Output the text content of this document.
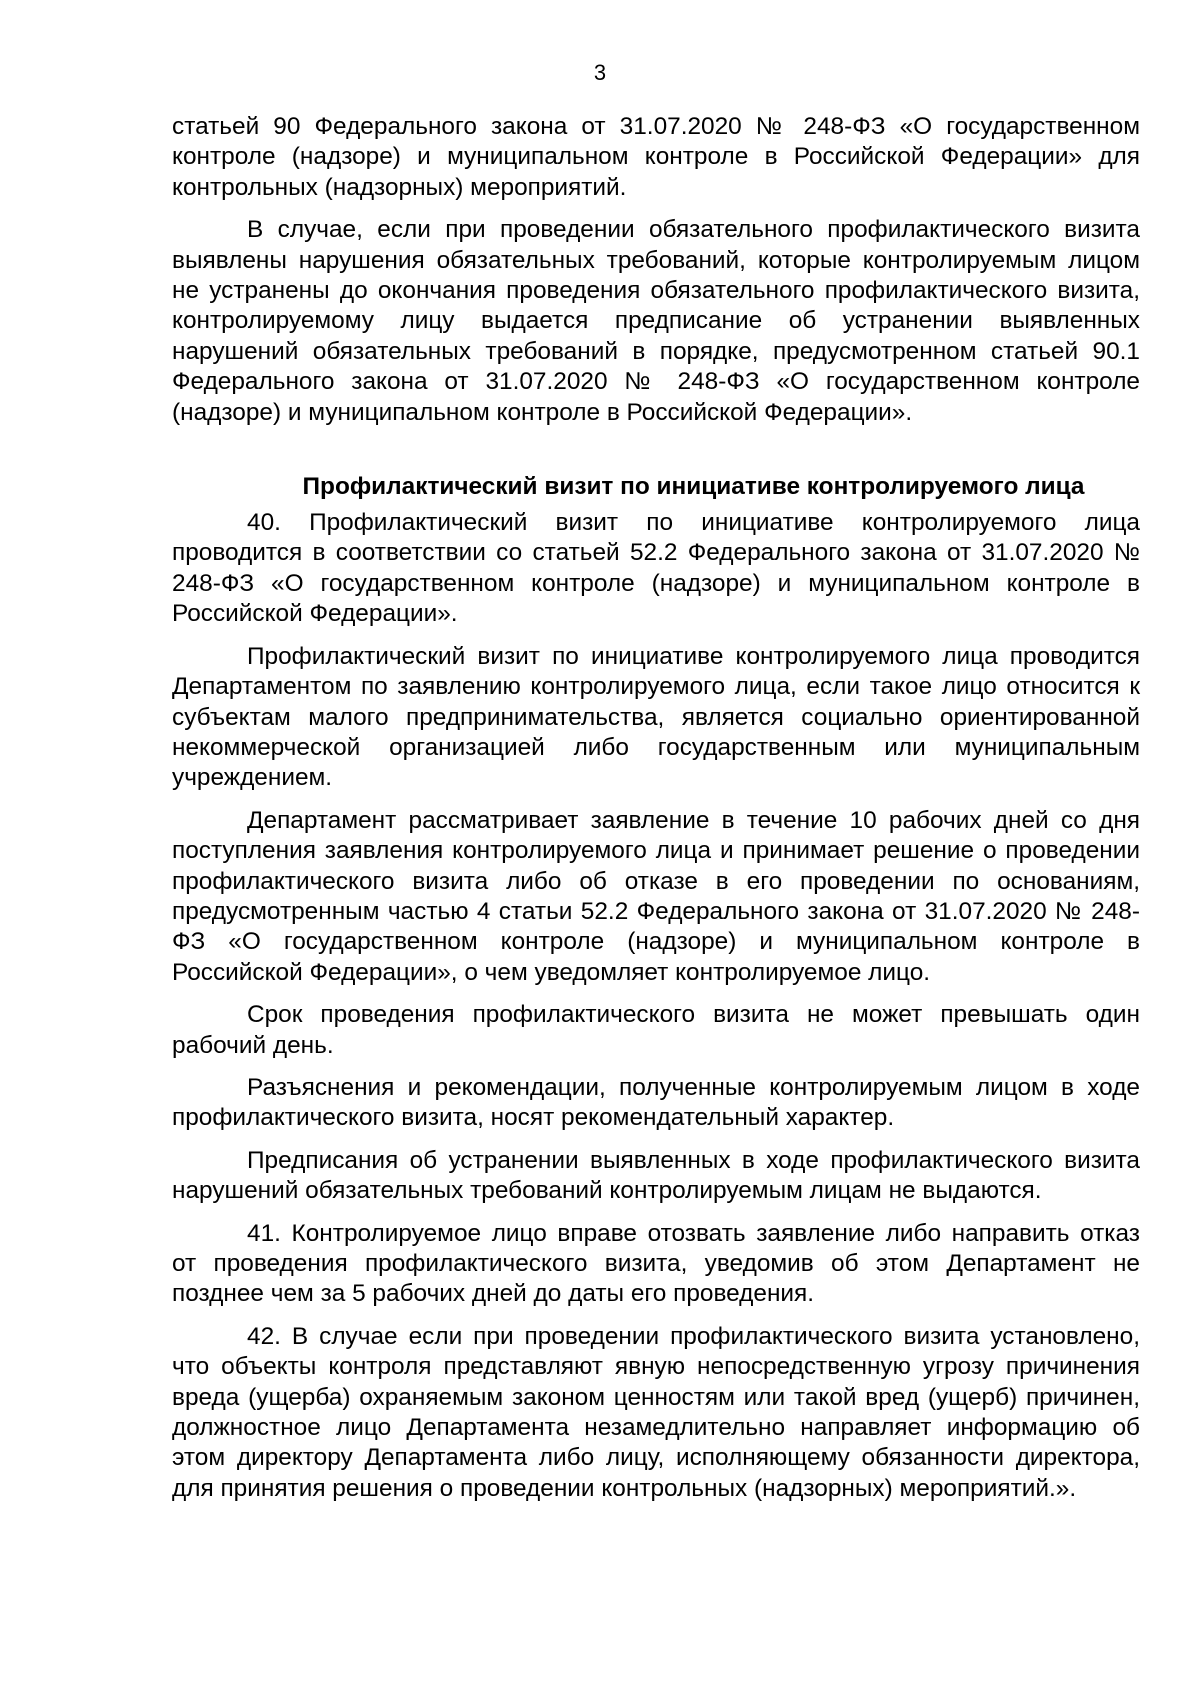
3

статьей 90 Федерального закона от 31.07.2020 № 248-ФЗ «О государственном контроле (надзоре) и муниципальном контроле в Российской Федерации» для контрольных (надзорных) мероприятий.

В случае, если при проведении обязательного профилактического визита выявлены нарушения обязательных требований, которые контролируемым лицом не устранены до окончания проведения обязательного профилактического визита, контролируемому лицу выдается предписание об устранении выявленных нарушений обязательных требований в порядке, предусмотренном статьей 90.1 Федерального закона от 31.07.2020 № 248-ФЗ «О государственном контроле (надзоре) и муниципальном контроле в Российской Федерации».

Профилактический визит по инициативе контролируемого лица

40. Профилактический визит по инициативе контролируемого лица проводится в соответствии со статьей 52.2 Федерального закона от 31.07.2020 № 248-ФЗ «О государственном контроле (надзоре) и муниципальном контроле в Российской Федерации».

Профилактический визит по инициативе контролируемого лица проводится Департаментом по заявлению контролируемого лица, если такое лицо относится к субъектам малого предпринимательства, является социально ориентированной некоммерческой организацией либо государственным или муниципальным учреждением.

Департамент рассматривает заявление в течение 10 рабочих дней со дня поступления заявления контролируемого лица и принимает решение о проведении профилактического визита либо об отказе в его проведении по основаниям, предусмотренным частью 4 статьи 52.2 Федерального закона от 31.07.2020 № 248-ФЗ «О государственном контроле (надзоре) и муниципальном контроле в Российской Федерации», о чем уведомляет контролируемое лицо.

Срок проведения профилактического визита не может превышать один рабочий день.

Разъяснения и рекомендации, полученные контролируемым лицом в ходе профилактического визита, носят рекомендательный характер.

Предписания об устранении выявленных в ходе профилактического визита нарушений обязательных требований контролируемым лицам не выдаются.

41. Контролируемое лицо вправе отозвать заявление либо направить отказ от проведения профилактического визита, уведомив об этом Департамент не позднее чем за 5 рабочих дней до даты его проведения.

42. В случае если при проведении профилактического визита установлено, что объекты контроля представляют явную непосредственную угрозу причинения вреда (ущерба) охраняемым законом ценностям или такой вред (ущерб) причинен, должностное лицо Департамента незамедлительно направляет информацию об этом директору Департамента либо лицу, исполняющему обязанности директора, для принятия решения о проведении контрольных (надзорных) мероприятий.».
